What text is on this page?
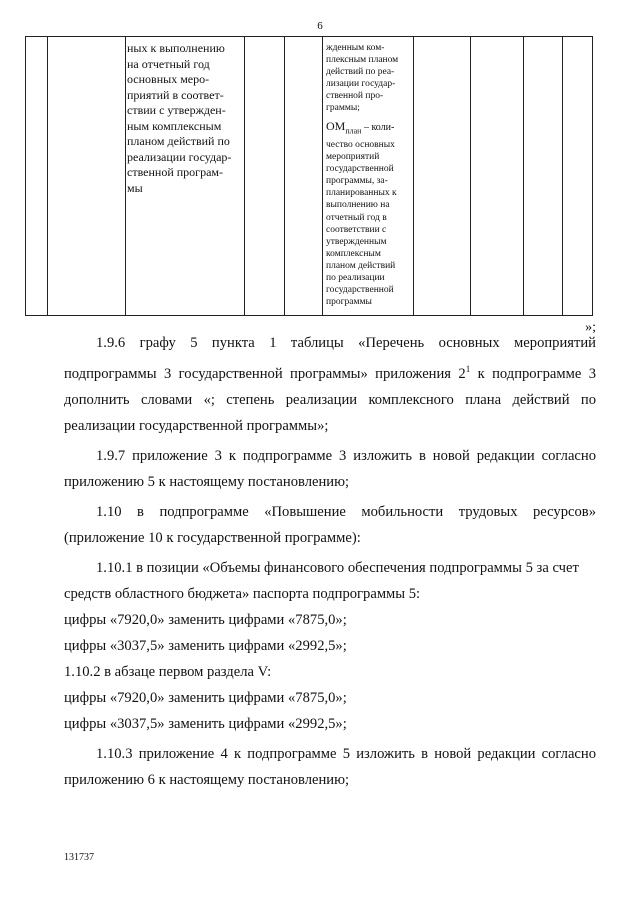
6
ных к выполнению
на отчетный год
основных меро-
приятий в соответ-
ствии с утвержден-
ным комплексным
планом действий по
реализации государ-
ственной програм-
мы
жденным ком-
плексным планом
действий по реа-
лизации государ-
ственной про-
граммы;
$ОМ_{план}$ – коли-
чество основных
мероприятий
государственной
программы, за-
планированных к
выполнению на
отчетный год в
соответствии с
утвержденным
комплексным
планом действий
по реализации
государственной
программы
»;

1.9.6 графу 5 пункта 1 таблицы «Перечень основных мероприятий подпрограммы 3 государственной программы» приложения $2^1$ к подпрограмме 3 дополнить словами «; степень реализации комплексного плана действий по реализации государственной программы»;

1.9.7 приложение 3 к подпрограмме 3 изложить в новой редакции согласно приложению 5 к настоящему постановлению;

1.10 в подпрограмме «Повышение мобильности трудовых ресурсов» (приложение 10 к государственной программе):

1.10.1 в позиции «Объемы финансового обеспечения подпрограммы 5 за счет средств областного бюджета» паспорта подпрограммы 5:

цифры «7920,0» заменить цифрами «7875,0»;

цифры «3037,5» заменить цифрами «2992,5»;

1.10.2 в абзаце первом раздела V:

цифры «7920,0» заменить цифрами «7875,0»;

цифры «3037,5» заменить цифрами «2992,5»;

1.10.3 приложение 4 к подпрограмме 5 изложить в новой редакции согласно приложению 6 к настоящему постановлению;

131737
